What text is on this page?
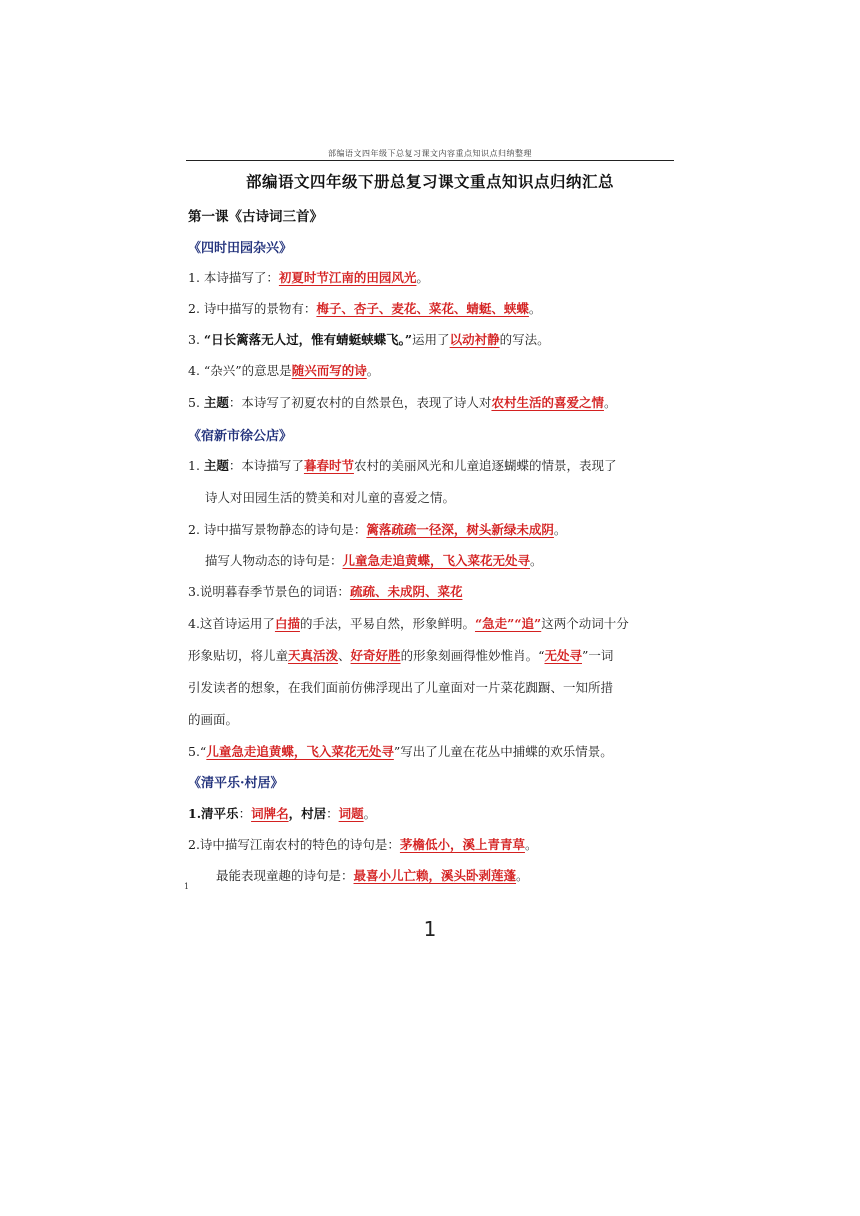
部编语文四年级下总复习课文内容重点知识点归纳整理
部编语文四年级下册总复习课文重点知识点归纳汇总
第一课《古诗词三首》
《四时田园杂兴》
1. 本诗描写了：初夏时节江南的田园风光。
2. 诗中描写的景物有：梅子、杏子、麦花、菜花、蜻蜓、蛱蝶。
3. “日长篱落无人过，惟有蜻蜓蛱蝶飞。”运用了以动衬静的写法。
4. “杂兴”的意思是随兴而写的诗。
5. 主题：本诗写了初夏农村的自然景色，表现了诗人对农村生活的喜爱之情。
《宿新市徐公店》
1. 主题：本诗描写了暮春时节农村的美丽风光和儿童追逐蝴蝶的情景，表现了
诗人对田园生活的赞美和对儿童的喜爱之情。
2. 诗中描写景物静态的诗句是：篱落疏疏一径深，树头新绿未成阴。
描写人物动态的诗句是：儿童急走追黄蝶，飞入菜花无处寻。
3.说明暮春季节景色的词语：疏疏、未成阴、菜花
4.这首诗运用了白描的手法，平易自然，形象鲜明。“急走”“追”这两个动词十分
形象贴切，将儿童天真活泼、好奇好胜的形象刻画得惟妙惟肖。“无处寻”一词
引发读者的想象，在我们面前仿佛浮现出了儿童面对一片菜花踟蹰、一知所措
的画面。
5.“儿童急走追黄蝶，飞入菜花无处寻”写出了儿童在花丛中捕蝶的欢乐情景。
《清平乐·村居》
1.清平乐：词牌名，村居：词题。
2.诗中描写江南农村的特色的诗句是：茅檐低小，溪上青青草。
最能表现童趣的诗句是：最喜小儿亡赖，溪头卧剥莲蓬。
1
1
